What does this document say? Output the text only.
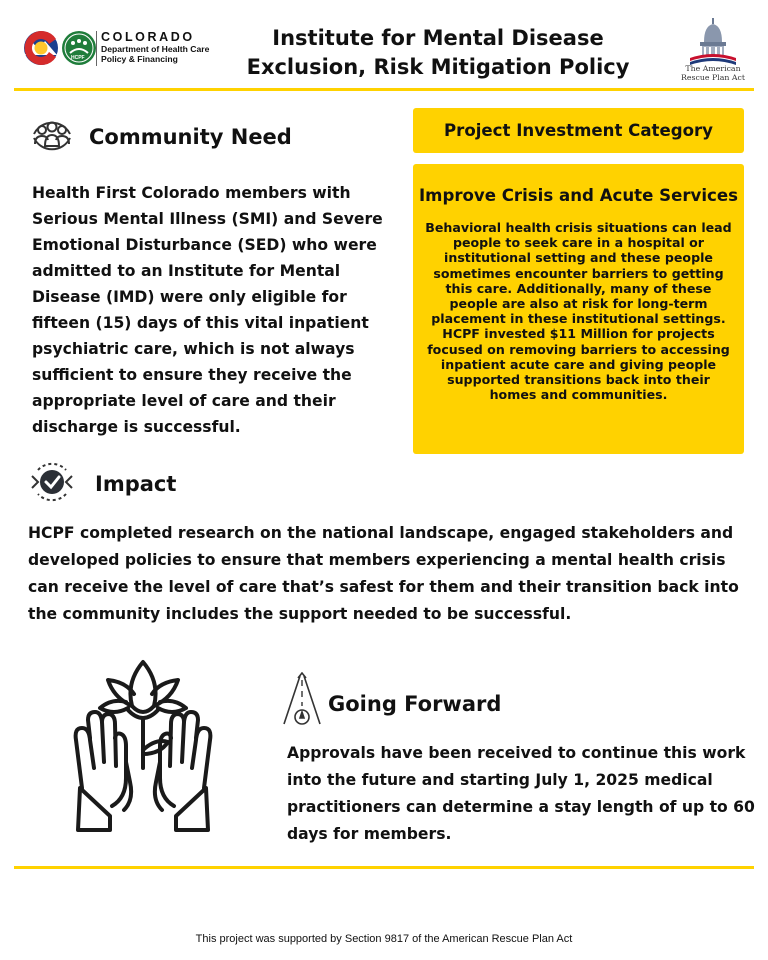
HCPF
COLORADO
Department of Health Care
Policy & Financing
Institute for Mental Disease
Exclusion, Risk Mitigation Policy	The American
Rescue Plan Act
Community Need
Health First Colorado members with Serious Mental Illness (SMI) and Severe Emotional Disturbance (SED) who were admitted to an Institute for Mental Disease (IMD) were only eligible for fifteen (15) days of this vital inpatient psychiatric care, which is not always sufficient to ensure they receive the appropriate level of care and their discharge is successful.
Project Investment Category
Improve Crisis and Acute Services
Behavioral health crisis situations can lead people to seek care in a hospital or institutional setting and these people sometimes encounter barriers to getting this care. Additionally, many of these people are also at risk for long-term placement in these institutional settings. HCPF invested $11 Million for projects focused on removing barriers to accessing inpatient acute care and giving people supported transitions back into their homes and communities.
Impact
HCPF completed research on the national landscape, engaged stakeholders and developed policies to ensure that members experiencing a mental health crisis can receive the level of care that’s safest for them and their transition back into the community includes the support needed to be successful.
Going Forward
Approvals have been received to continue this work into the future and starting July 1, 2025 medical practitioners can determine a stay length of up to 60 days for members.
This project was supported by Section 9817 of the American Rescue Plan Act
